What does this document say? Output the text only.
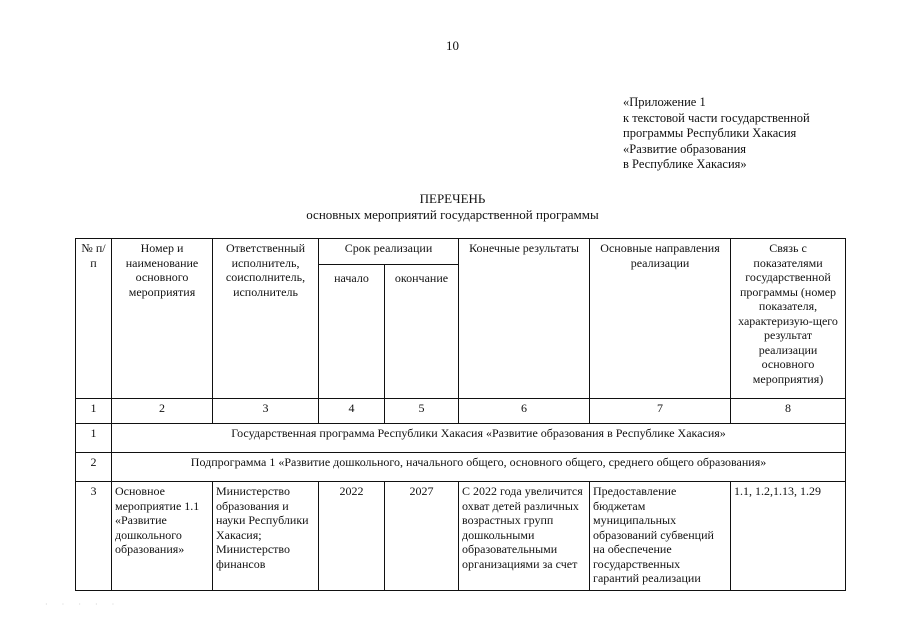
10
«Приложение 1
к текстовой части государственной
программы Республики Хакасия
«Развитие образования
в Республике Хакасия»
ПЕРЕЧЕНЬ
основных мероприятий государственной программы
№ п/п	Номер и наименование основного мероприятия	Ответственный исполнитель, соисполнитель, исполнитель	Срок реализации		Конечные результаты	Основные направления реализации	Связь с показателями государственной программы (номер показателя, характеризую-щего результат реализации основного мероприятия)
			начало	окончание			
1	2	3	4	5	6	7	8
1	Государственная программа Республики Хакасия «Развитие образования в Республике Хакасия»						
2	Подпрограмма 1 «Развитие дошкольного, начального общего, основного общего, среднего общего образования»						
3	Основное мероприятие 1.1 «Развитие дошкольного образования»	Министерство образования и науки Республики Хакасия; Министерство финансов	2022	2027	С 2022 года увеличится охват детей различных возрастных групп дошкольными образовательными организациями за счет	Предоставление бюджетам муниципальных образований субвенций на обеспечение государственных гарантий реализации	1.1, 1.2,1.13, 1.29
· · · · ·
